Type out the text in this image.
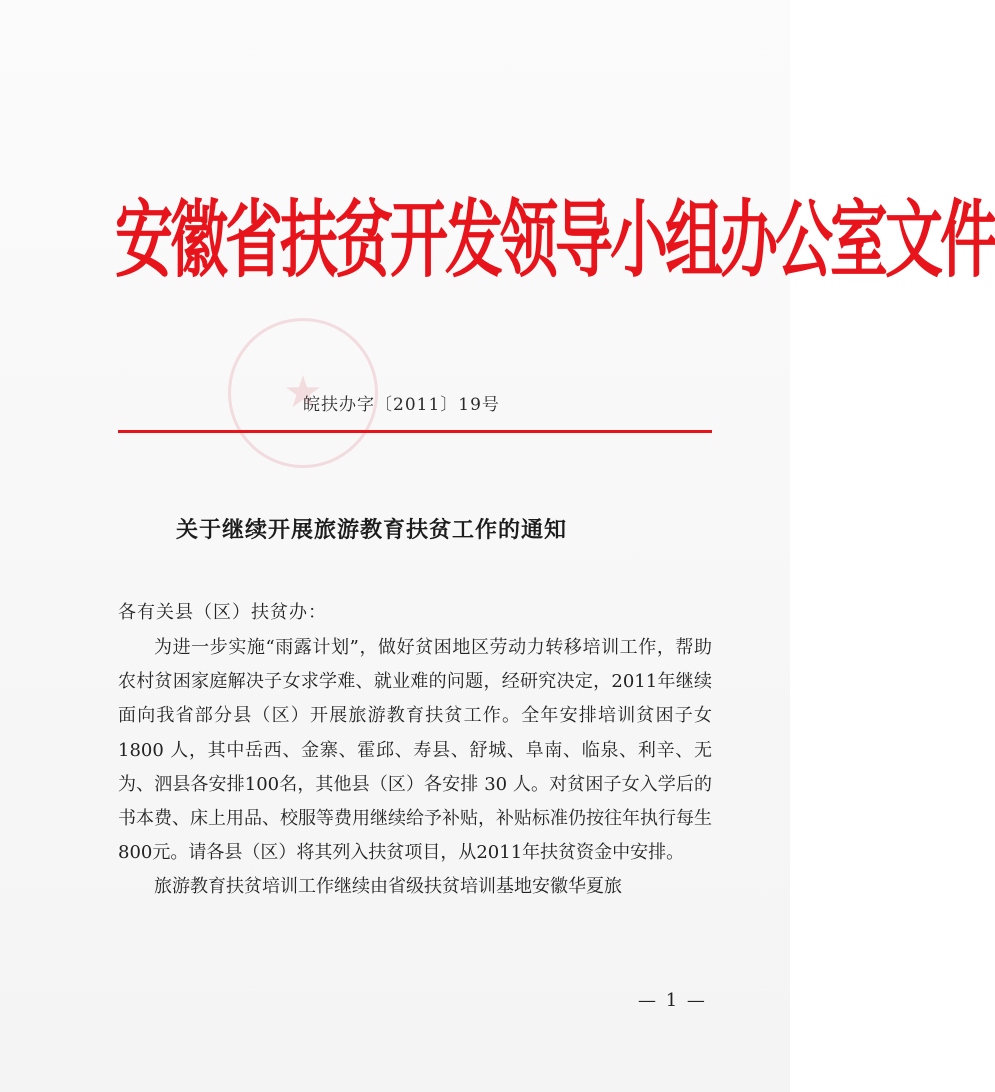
安徽省扶贫开发领导小组办公室文件
★
皖扶办字〔2011〕19号
关于继续开展旅游教育扶贫工作的通知
各有关县（区）扶贫办：

为进一步实施“雨露计划”，做好贫困地区劳动力转移培训工作，帮助农村贫困家庭解决子女求学难、就业难的问题，经研究决定，2011年继续面向我省部分县（区）开展旅游教育扶贫工作。全年安排培训贫困子女 1800 人，其中岳西、金寨、霍邱、寿县、舒城、阜南、临泉、利辛、无为、泗县各安排100名，其他县（区）各安排 30 人。对贫困子女入学后的书本费、床上用品、校服等费用继续给予补贴，补贴标准仍按往年执行每生 800元。请各县（区）将其列入扶贫项目，从2011年扶贫资金中安排。

旅游教育扶贫培训工作继续由省级扶贫培训基地安徽华夏旅

— 1 —
